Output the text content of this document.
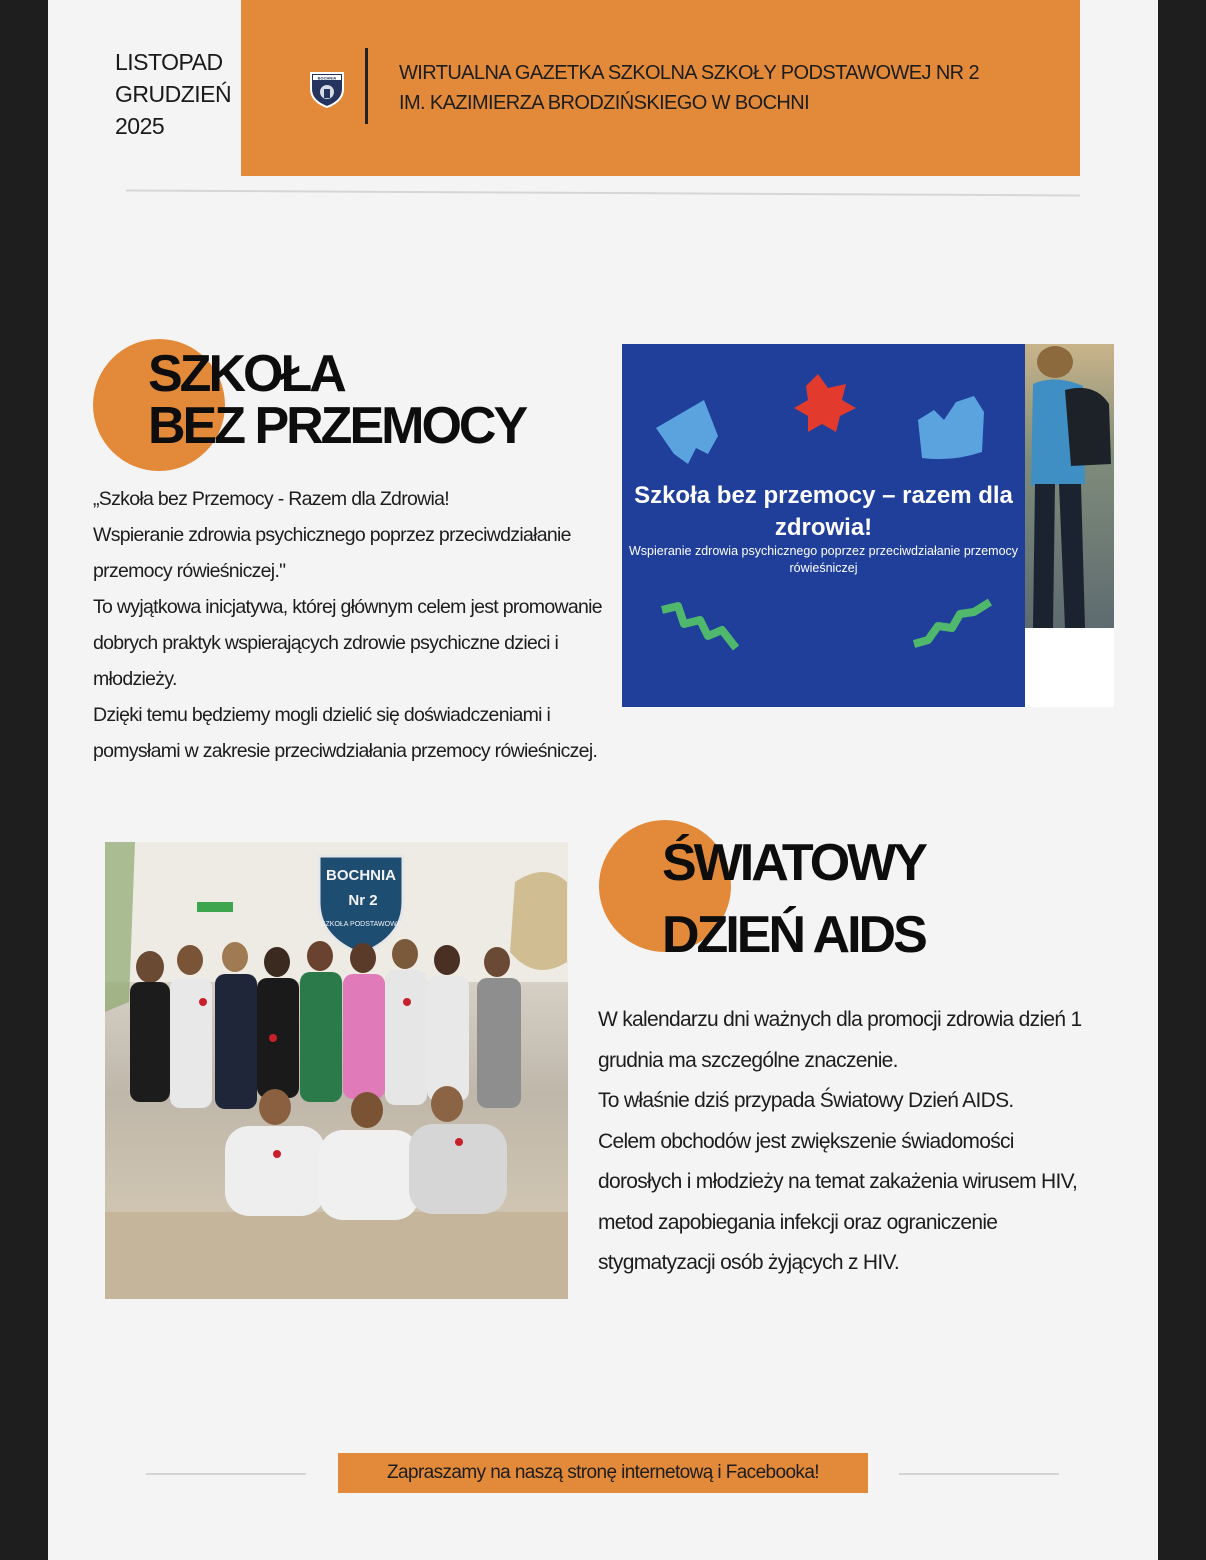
LISTOPAD
GRUDZIEŃ
2025
BOCHNIA	WIRTUALNA GAZETKA SZKOLNA SZKOŁY PODSTAWOWEJ NR 2
IM. KAZIMIERZA BRODZIŃSKIEGO W BOCHNI
SZKOŁA
BEZ PRZEMOCY
„Szkoła bez Przemocy - Razem dla Zdrowia!
Wspieranie zdrowia psychicznego poprzez przeciwdziałanie przemocy rówieśniczej."
To wyjątkowa inicjatywa, której głównym celem jest promowanie dobrych praktyk wspierających zdrowie psychiczne dzieci i młodzieży.
Dzięki temu będziemy mogli dzielić się doświadczeniami i pomysłami w zakresie przeciwdziałania przemocy rówieśniczej.
Szkoła bez przemocy – razem dla zdrowia!
Wspieranie zdrowia psychicznego poprzez przeciwdziałanie przemocy rówieśniczej
BOCHNIA
Nr 2
SZKOŁA PODSTAWOWA
ŚWIATOWY
DZIEŃ AIDS
W kalendarzu dni ważnych dla promocji zdrowia dzień 1 grudnia ma szczególne znaczenie.
To właśnie dziś przypada Światowy Dzień AIDS.
Celem obchodów jest zwiększenie świadomości dorosłych i młodzieży na temat zakażenia wirusem HIV, metod zapobiegania infekcji oraz ograniczenie stygmatyzacji osób żyjących z HIV.
Zapraszamy na naszą stronę internetową i Facebooka!
